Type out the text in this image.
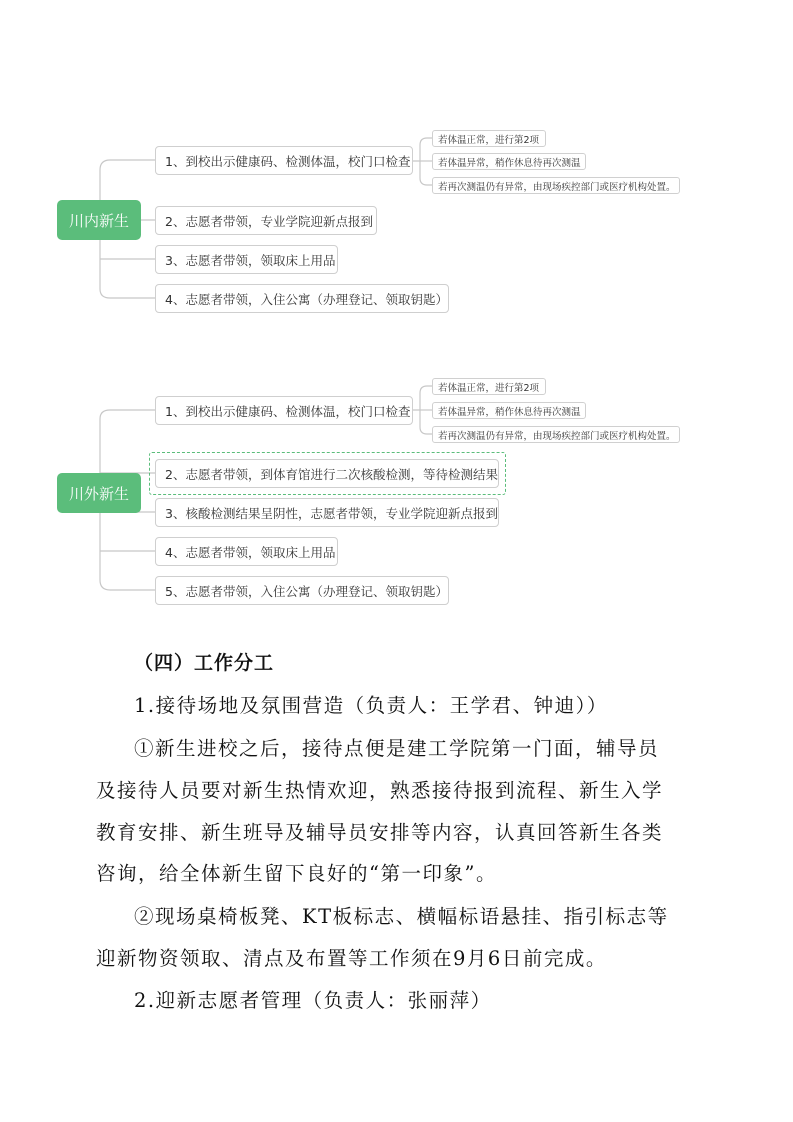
川内新生
1、到校出示健康码、检测体温，校门口检查
2、志愿者带领，专业学院迎新点报到
3、志愿者带领，领取床上用品
4、志愿者带领，入住公寓（办理登记、领取钥匙）
若体温正常，进行第2项
若体温异常，稍作休息待再次测温
若再次测温仍有异常，由现场疾控部门或医疗机构处置。
川外新生
1、到校出示健康码、检测体温，校门口检查
2、志愿者带领，到体育馆进行二次核酸检测，等待检测结果
3、核酸检测结果呈阴性，志愿者带领，专业学院迎新点报到
4、志愿者带领，领取床上用品
5、志愿者带领，入住公寓（办理登记、领取钥匙）
若体温正常，进行第2项
若体温异常，稍作休息待再次测温
若再次测温仍有异常，由现场疾控部门或医疗机构处置。
（四）工作分工
1.接待场地及氛围营造（负责人：王学君、钟迪））
①新生进校之后，接待点便是建工学院第一门面，辅导员
及接待人员要对新生热情欢迎，熟悉接待报到流程、新生入学
教育安排、新生班导及辅导员安排等内容，认真回答新生各类
咨询，给全体新生留下良好的“第一印象”。
②现场桌椅板凳、KT板标志、横幅标语悬挂、指引标志等
迎新物资领取、清点及布置等工作须在9月6日前完成。
2.迎新志愿者管理（负责人：张丽萍）
